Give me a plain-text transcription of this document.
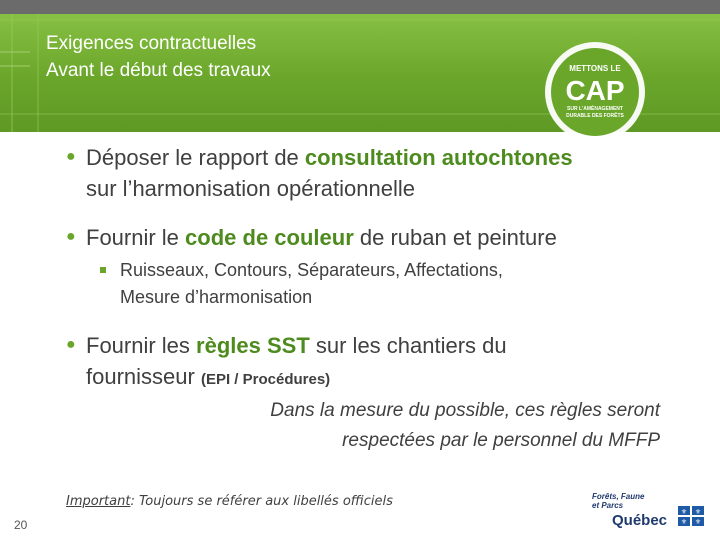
Exigences contractuelles
Avant le début des travaux	METTONS LE
CAP
SUR L'AMÉNAGEMENT
DURABLE DES FORÊTS
● Déposer le rapport de consultation autochtones
sur l’harmonisation opérationnelle
● Fournir le code de couleur de ruban et peinture
Ruisseaux, Contours, Séparateurs, Affectations,
Mesure d’harmonisation
● Fournir les règles SST sur les chantiers du
fournisseur (EPI / Procédures)
Dans la mesure du possible, ces règles seront
respectées par le personnel du MFFP
Important: Toujours se référer aux libellés officiels
20
Forêts, Faune
et Parcs
Québec ⚜ ⚜
⚜ ⚜
